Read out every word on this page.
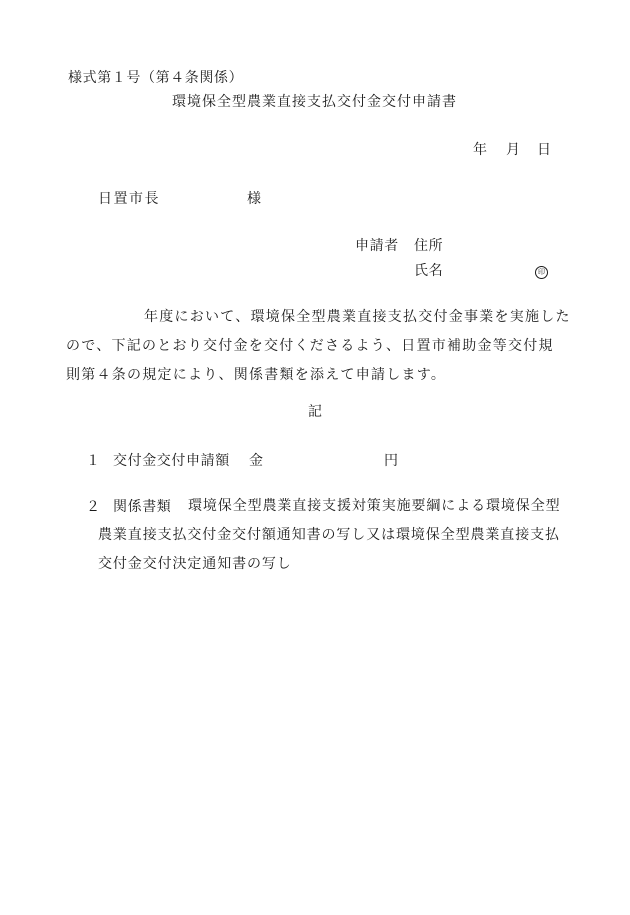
様式第１号（第４条関係）
環境保全型農業直接支払交付金交付申請書
年 月 日
日置市長	様
申請者 住所
氏名	印
年度において、環境保全型農業直接支払交付金事業を実施した
ので、下記のとおり交付金を交付くださるよう、日置市補助金等交付規
則第４条の規定により、関係書類を添えて申請します。
記
１ 交付金交付申請額 金	円
２ 関係書類	環境保全型農業直接支援対策実施要綱による環境保全型
農業直接支払交付金交付額通知書の写し又は環境保全型農業直接支払
交付金交付決定通知書の写し
